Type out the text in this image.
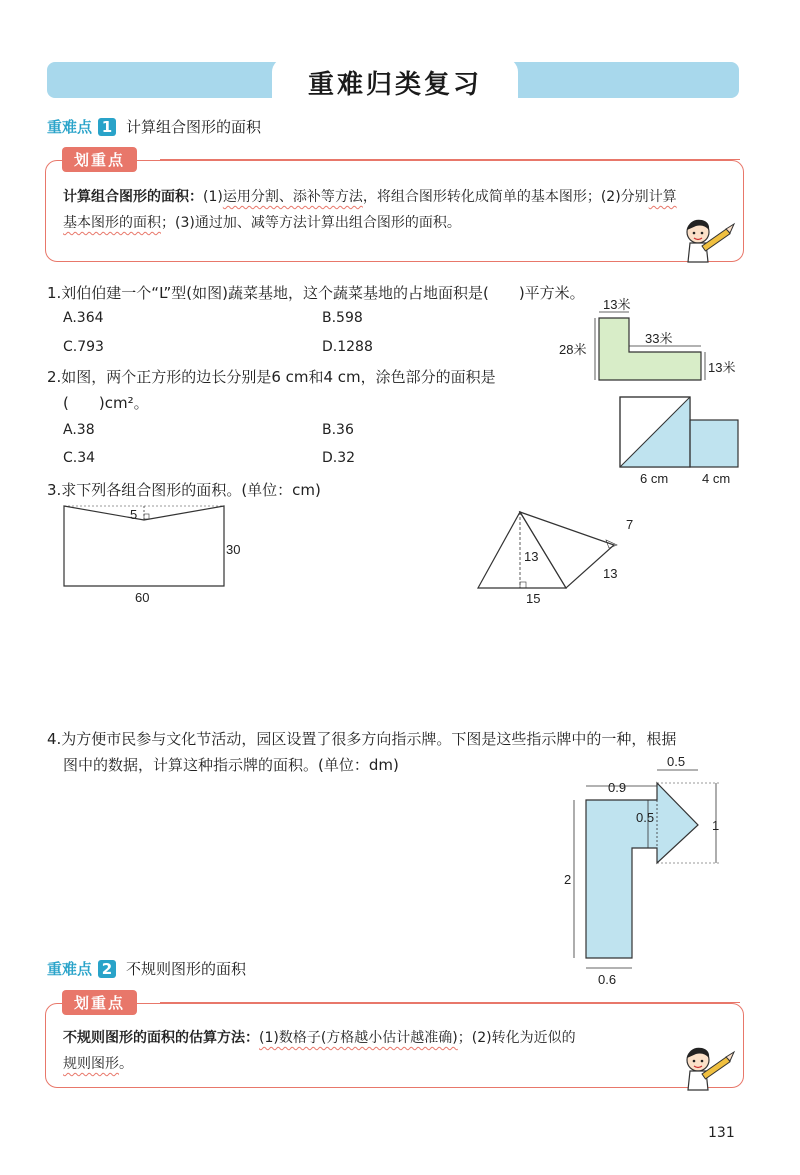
重难归类复习
重难点 1 计算组合图形的面积
划重点
计算组合图形的面积：(1)运用分割、添补等方法，将组合图形转化成简单的基本图形；(2)分别计算基本图形的面积；(3)通过加、减等方法计算出组合图形的面积。
1.刘伯伯建一个“L”型(如图)蔬菜基地，这个蔬菜基地的占地面积是(　　)平方米。
A.364	B.598
C.793	D.1288
13米
28米
33米
13米
2.如图，两个正方形的边长分别是6 cm和4 cm，涂色部分的面积是
(　　)cm²。
A.38	B.36
C.34	D.32
6 cm	4 cm
3.求下列各组合图形的面积。(单位：cm)
5
30
60
13
7
13
15
4.为方便市民参与文化节活动，园区设置了很多方向指示牌。下图是这些指示牌中的一种，根据
图中的数据，计算这种指示牌的面积。(单位：dm)	0.5
0.9
0.5
1
2
0.6
重难点 2 不规则图形的面积
划重点
不规则图形的面积的估算方法：(1)数格子(方格越小估计越准确)；(2)转化为近似的
规则图形。
131
